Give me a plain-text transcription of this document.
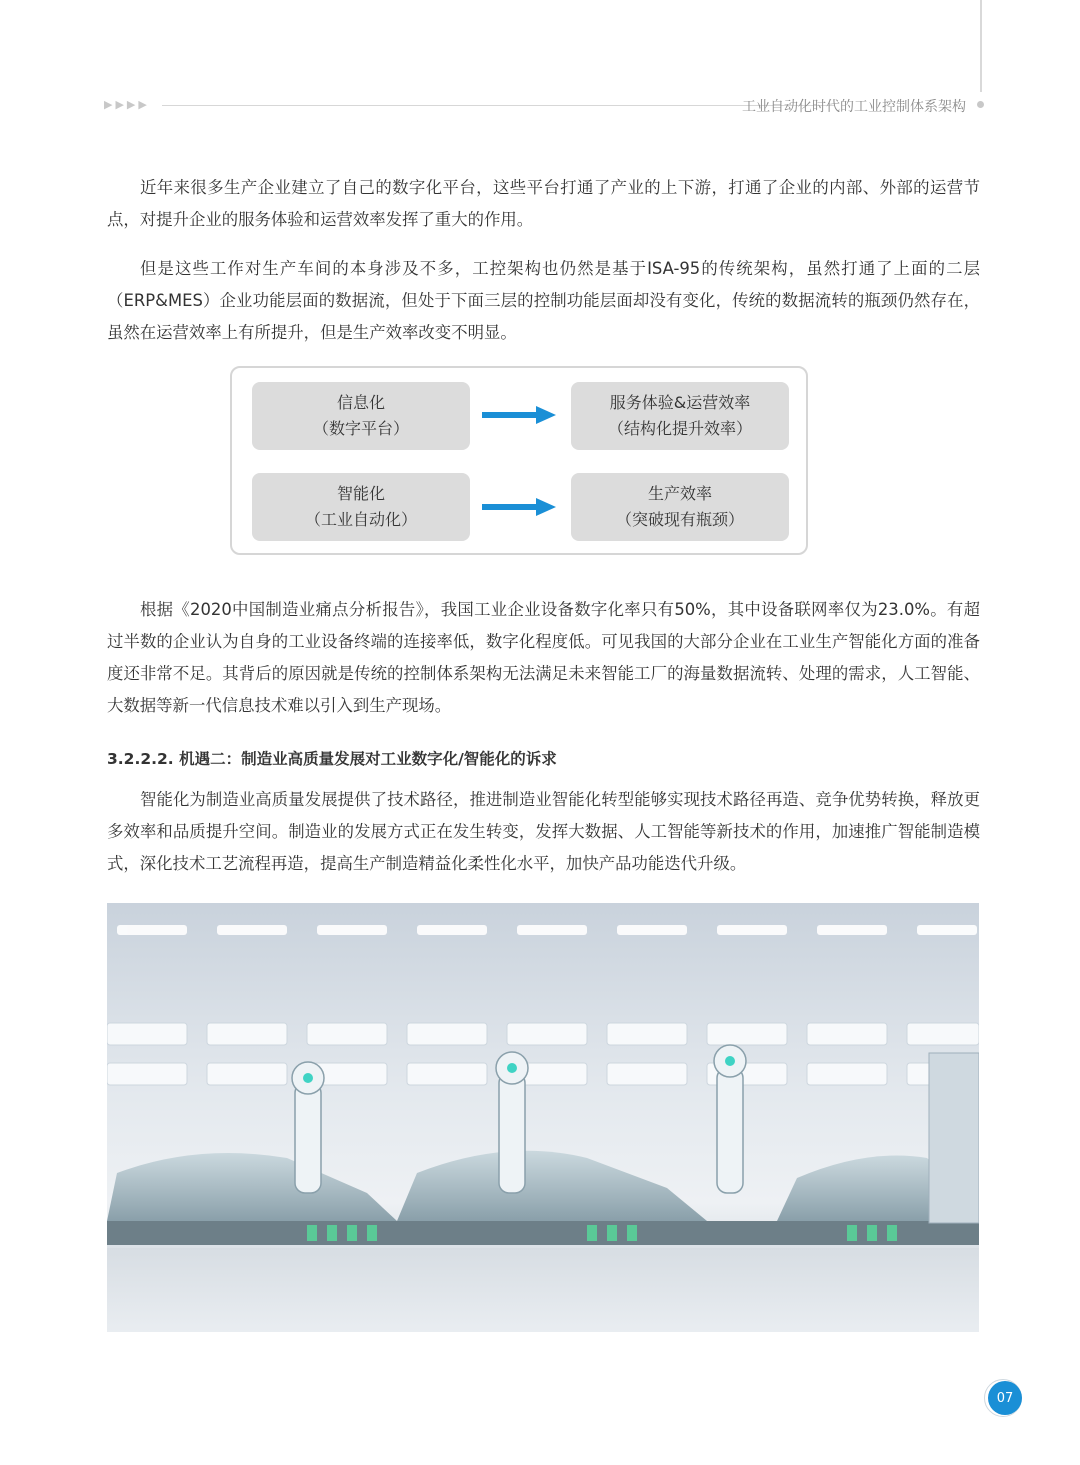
▶▶▶▶	工业自动化时代的工业控制体系架构

近年来很多生产企业建立了自己的数字化平台，这些平台打通了产业的上下游，打通了企业的内部、外部的运营节点，对提升企业的服务体验和运营效率发挥了重大的作用。

但是这些工作对生产车间的本身涉及不多，工控架构也仍然是基于ISA-95的传统架构，虽然打通了上面的二层（ERP&MES）企业功能层面的数据流，但处于下面三层的控制功能层面却没有变化，传统的数据流转的瓶颈仍然存在，虽然在运营效率上有所提升，但是生产效率改变不明显。

信息化
（数字平台）
服务体验&运营效率
（结构化提升效率）
智能化
（工业自动化）
生产效率
（突破现有瓶颈）

根据《2020中国制造业痛点分析报告》，我国工业企业设备数字化率只有50%，其中设备联网率仅为23.0%。有超过半数的企业认为自身的工业设备终端的连接率低，数字化程度低。可见我国的大部分企业在工业生产智能化方面的准备度还非常不足。其背后的原因就是传统的控制体系架构无法满足未来智能工厂的海量数据流转、处理的需求，人工智能、大数据等新一代信息技术难以引入到生产现场。

3.2.2.2. 机遇二：制造业高质量发展对工业数字化/智能化的诉求

智能化为制造业高质量发展提供了技术路径，推进制造业智能化转型能够实现技术路径再造、竞争优势转换，释放更多效率和品质提升空间。制造业的发展方式正在发生转变，发挥大数据、人工智能等新技术的作用，加速推广智能制造模式，深化技术工艺流程再造，提高生产制造精益化柔性化水平，加快产品功能迭代升级。

07
